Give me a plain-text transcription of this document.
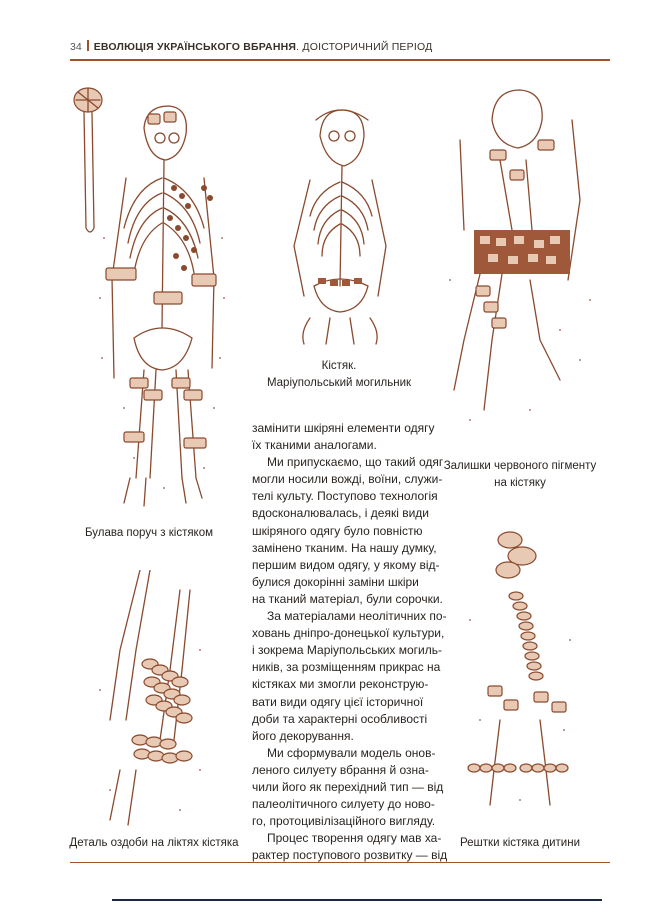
34 ЕВОЛЮЦІЯ УКРАЇНСЬКОГО ВБРАННЯ. ДОІСТОРИЧНИЙ ПЕРІОД
Кістяк.
Маріупольський могильник
Залишки червоного пігменту
на кістяку
Булава поруч з кістяком

замінити шкіряні елементи одягу
їх тканими аналогами.

Ми припускаємо, що такий одяг
могли носили вожді, воїни, служи-
телі культу. Поступово технологія
вдосконалювалась, і деякі види
шкіряного одягу було повністю
замінено тканим. На нашу думку,
першим видом одягу, у якому від-
булися докорінні заміни шкіри
на тканий матеріал, були сорочки.

За матеріалами неолітичних по-
ховань дніпро-донецької культури,
і зокрема Маріупольських могиль-
ників, за розміщенням прикрас на
кістяках ми змогли реконструю-
вати види одягу цієї історичної
доби та характерні особливості
його декорування.

Ми сформували модель онов-
леного силуету вбрання й озна-
чили його як перехідний тип — від
палеолітичного силуету до ново-
го, протоцивілізаційного вигляду.

Процес творення одягу мав ха-
рактер поступового розвитку — від

Деталь оздоби на ліктях кістяка	Рештки кістяка дитини
